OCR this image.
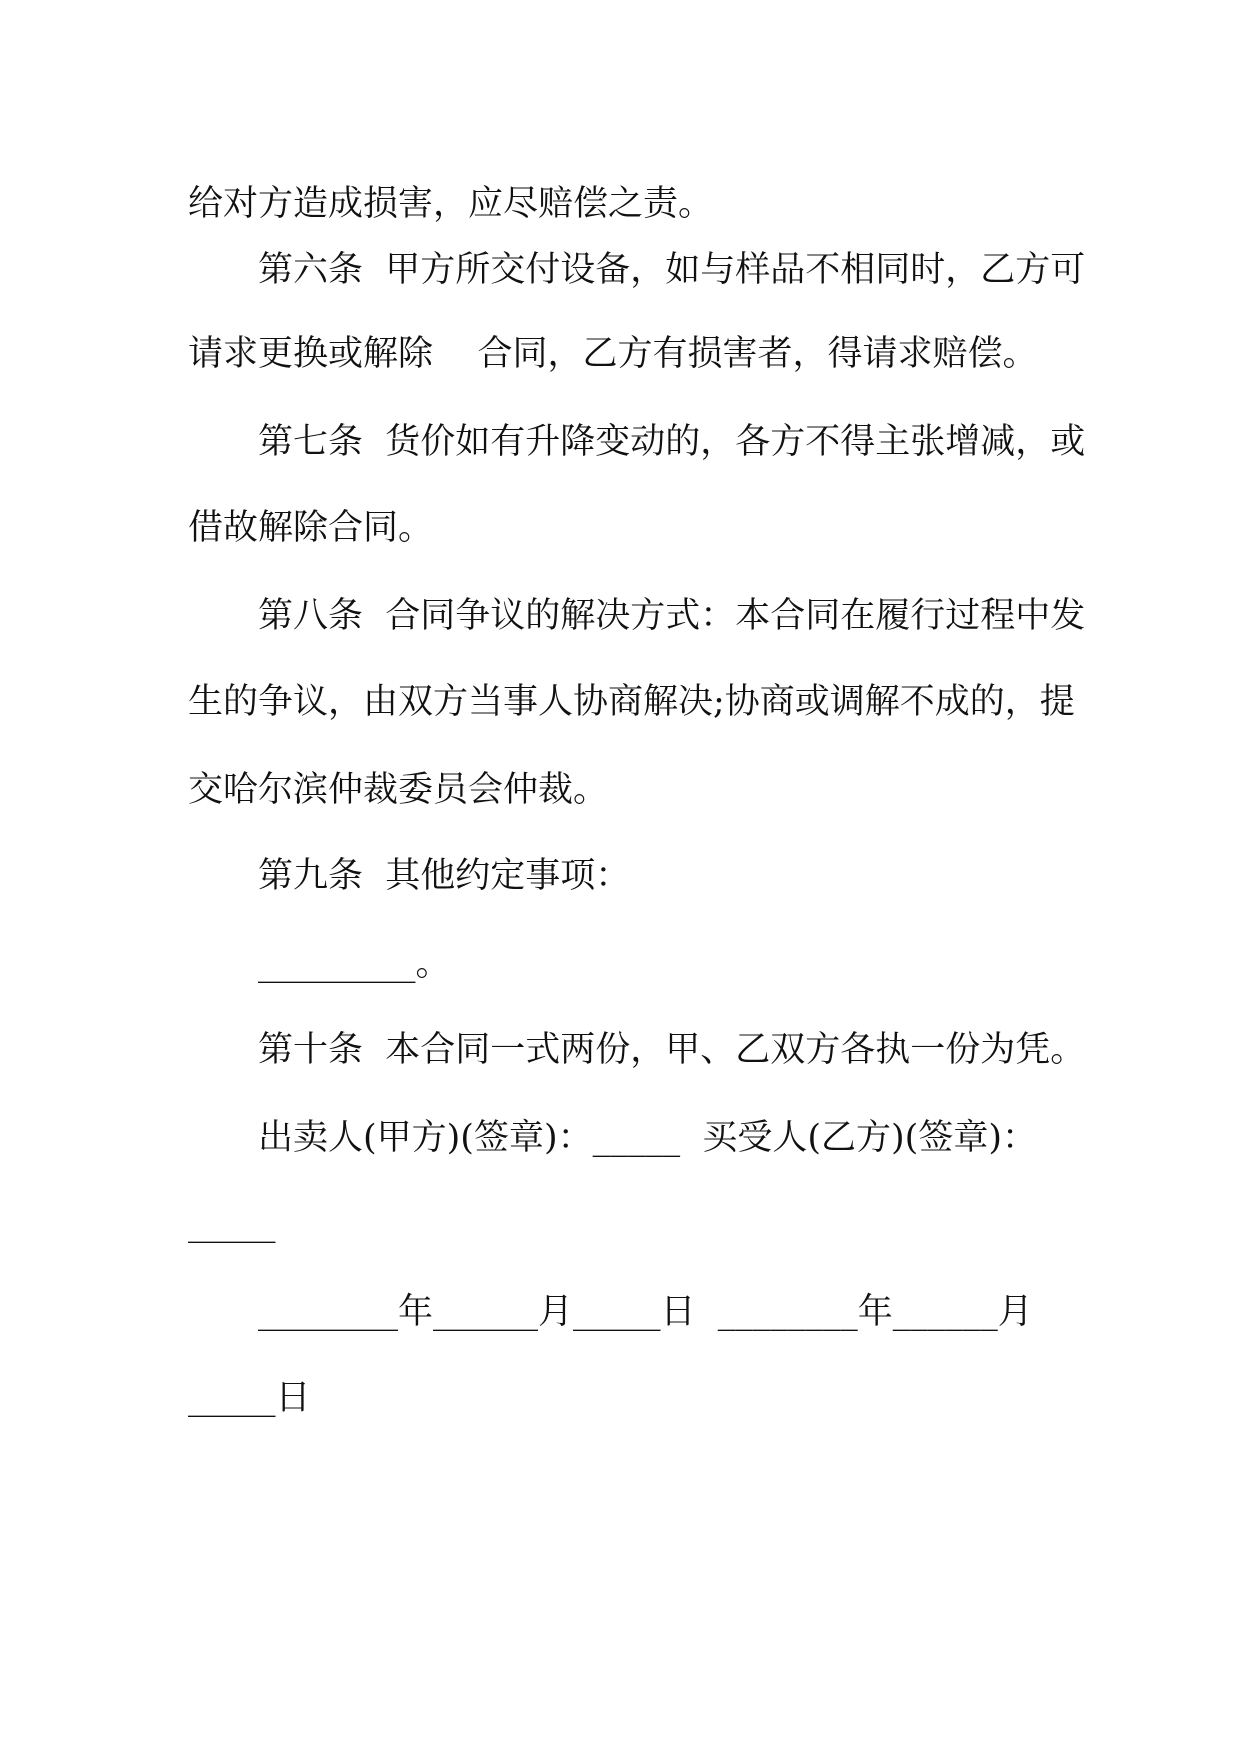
给对方造成损害，应尽赔偿之责。
第六条  甲方所交付设备，如与样品不相同时，乙方可
请求更换或解除    合同，乙方有损害者，得请求赔偿。
第七条  货价如有升降变动的，各方不得主张增减，或
借故解除合同。
第八条  合同争议的解决方式：本合同在履行过程中发
生的争议，由双方当事人协商解决;协商或调解不成的，提
交哈尔滨仲裁委员会仲裁。
第九条  其他约定事项：
_________。
第十条  本合同一式两份，甲、乙双方各执一份为凭。
出卖人(甲方)(签章)：_____  买受人(乙方)(签章)：
_____
________年______月_____日  ________年______月
_____日
